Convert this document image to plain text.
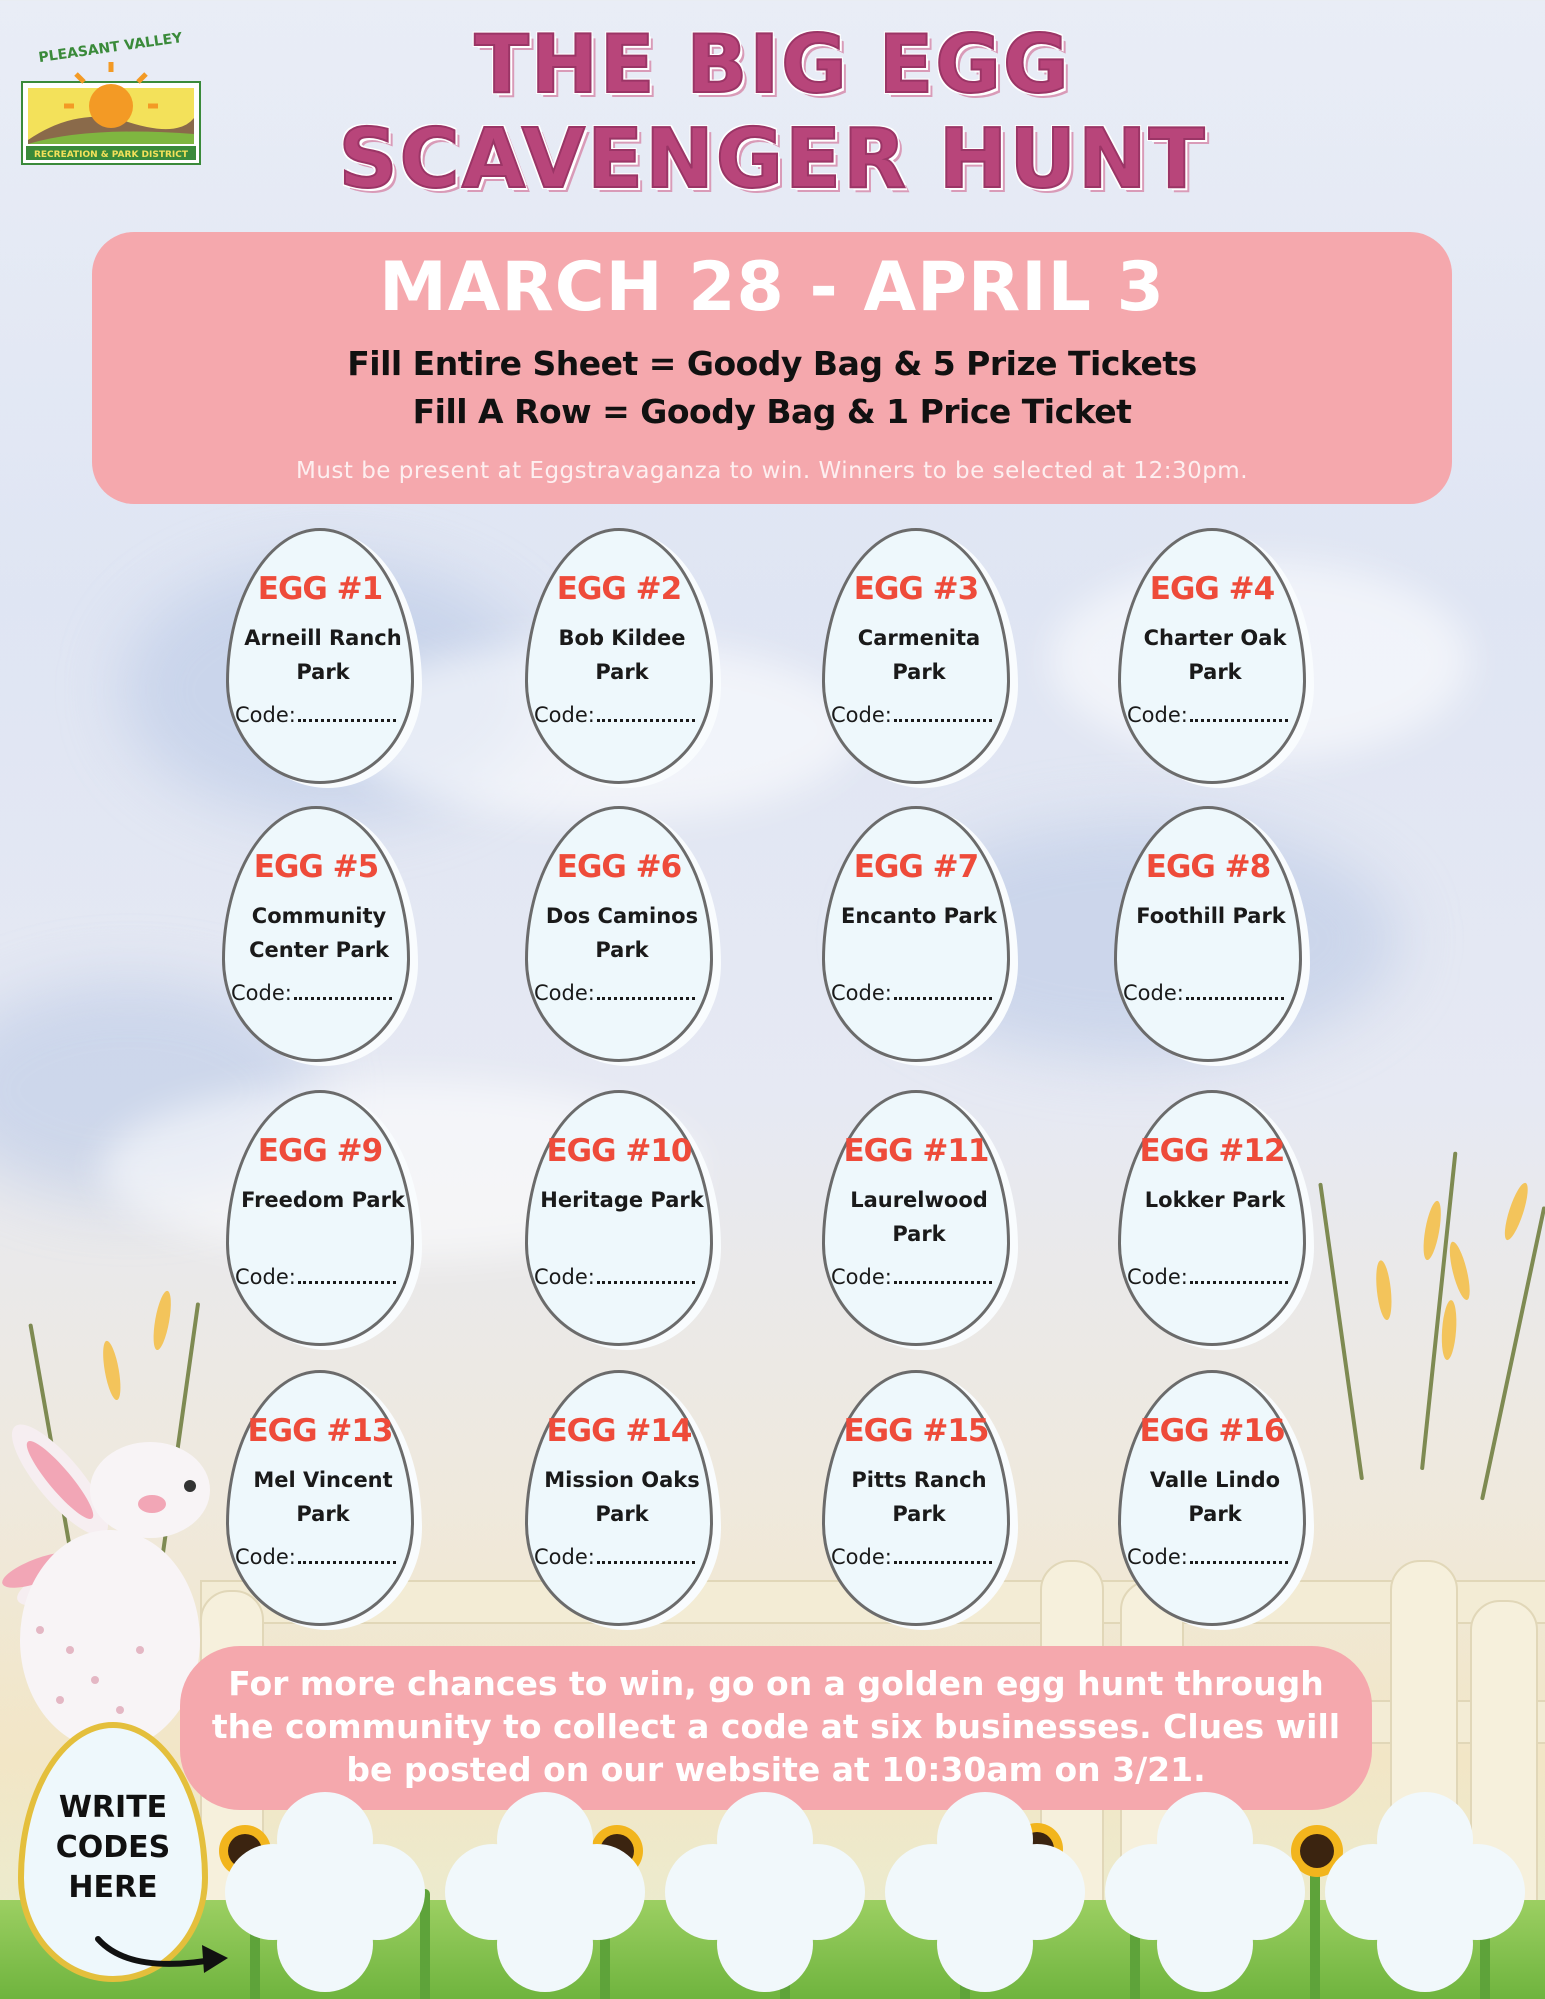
RECREATION & PARK DISTRICT
PLEASANT VALLEY	THE BIG EGG
SCAVENGER HUNT
MARCH 28 - APRIL 3
Fill Entire Sheet = Goody Bag & 5 Prize Tickets
Fill A Row = Goody Bag & 1 Price Ticket
Must be present at Eggstravaganza to win. Winners to be selected at 12:30pm.
EGG #1
Arneill Ranch Park
Code:
EGG #2
Bob Kildee Park
Code:
EGG #3
Carmenita Park
Code:
EGG #4
Charter Oak Park
Code:
EGG #5
Community Center Park
Code:
EGG #6
Dos Caminos Park
Code:
EGG #7
Encanto Park
Code:
EGG #8
Foothill Park
Code:
EGG #9
Freedom Park
Code:
EGG #10
Heritage Park
Code:
EGG #11
Laurelwood Park
Code:
EGG #12
Lokker Park
Code:
EGG #13
Mel Vincent Park
Code:
EGG #14
Mission Oaks Park
Code:
EGG #15
Pitts Ranch Park
Code:
EGG #16
Valle Lindo Park
Code:
For more chances to win, go on a golden egg hunt through the community to collect a code at six businesses. Clues will be posted on our website at 10:30am on 3/21.
WRITE
CODES
HERE
